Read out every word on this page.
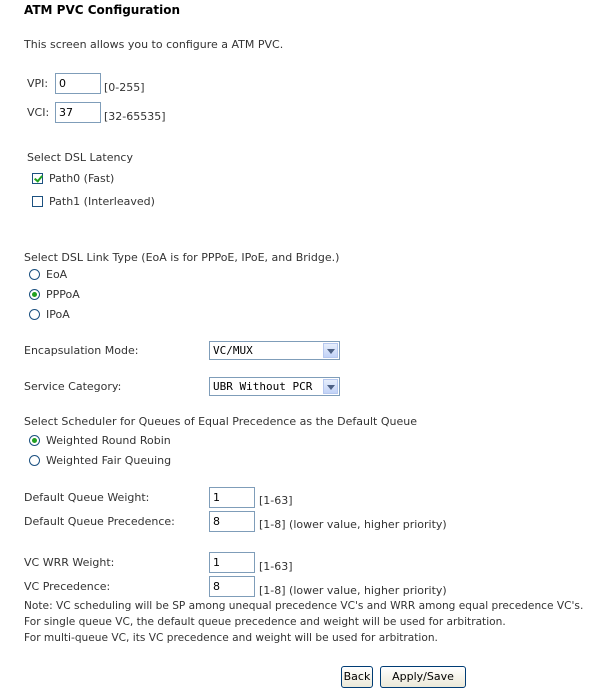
ATM PVC Configuration
This screen allows you to configure a ATM PVC.
VPI:
0	[0-255]
VCI:
37	[32-65535]
Select DSL Latency
Path0 (Fast)
Path1 (Interleaved)
Select DSL Link Type (EoA is for PPPoE, IPoE, and Bridge.)
EoA
PPPoA
IPoA
Encapsulation Mode:	VC/MUX
Service Category:	UBR Without PCR
Select Scheduler for Queues of Equal Precedence as the Default Queue
Weighted Round Robin
Weighted Fair Queuing
Default Queue Weight:
1	[1-63]
Default Queue Precedence:
8	[1-8] (lower value, higher priority)
VC WRR Weight:
1	[1-63]
VC Precedence:
8	[1-8] (lower value, higher priority)
Note: VC scheduling will be SP among unequal precedence VC's and WRR among equal precedence VC's.
For single queue VC, the default queue precedence and weight will be used for arbitration.
For multi-queue VC, its VC precedence and weight will be used for arbitration.
Back	Apply/Save
